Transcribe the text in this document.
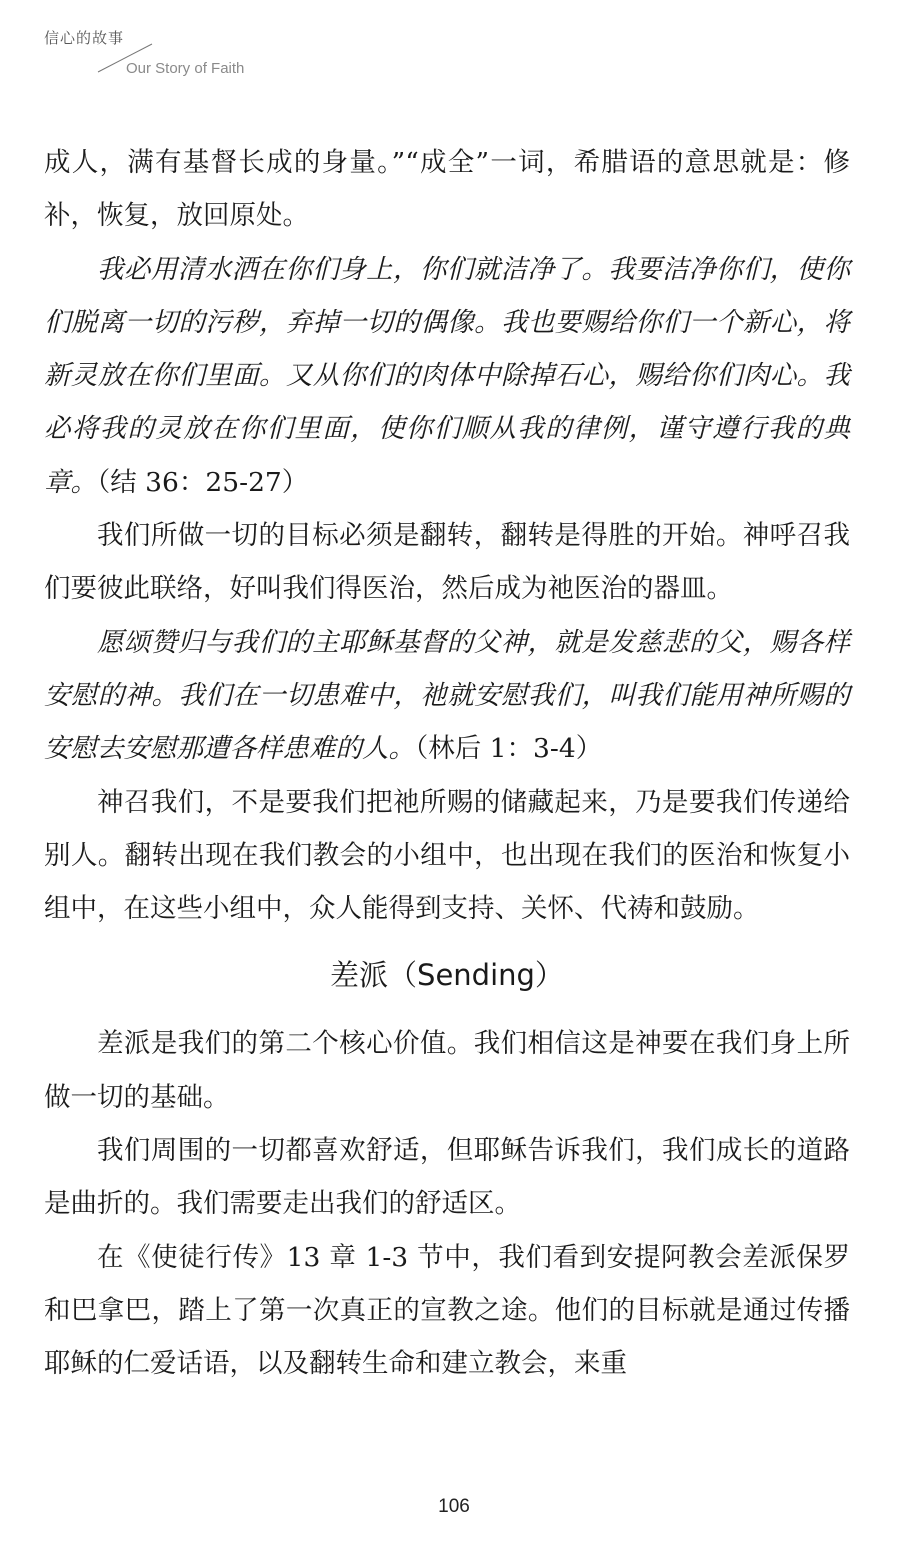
信心的故事
Our Story of Faith

成人，满有基督长成的身量。”“成全”一词，希腊语的意思就是：修补，恢复，放回原处。

我必用清水洒在你们身上，你们就洁净了。我要洁净你们，使你们脱离一切的污秽，弃掉一切的偶像。我也要赐给你们一个新心，将新灵放在你们里面。又从你们的肉体中除掉石心，赐给你们肉心。我必将我的灵放在你们里面，使你们顺从我的律例，谨守遵行我的典章。（结 36：25-27）

我们所做一切的目标必须是翻转，翻转是得胜的开始。神呼召我们要彼此联络，好叫我们得医治，然后成为祂医治的器皿。

愿颂赞归与我们的主耶稣基督的父神，就是发慈悲的父，赐各样安慰的神。我们在一切患难中，祂就安慰我们，叫我们能用神所赐的安慰去安慰那遭各样患难的人。（林后 1：3-4）

神召我们，不是要我们把祂所赐的储藏起来，乃是要我们传递给别人。翻转出现在我们教会的小组中，也出现在我们的医治和恢复小组中，在这些小组中，众人能得到支持、关怀、代祷和鼓励。

差派（Sending）

差派是我们的第二个核心价值。我们相信这是神要在我们身上所做一切的基础。

我们周围的一切都喜欢舒适，但耶稣告诉我们，我们成长的道路是曲折的。我们需要走出我们的舒适区。

在《使徒行传》13 章 1-3 节中，我们看到安提阿教会差派保罗和巴拿巴，踏上了第一次真正的宣教之途。他们的目标就是通过传播耶稣的仁爱话语，以及翻转生命和建立教会，来重

106
